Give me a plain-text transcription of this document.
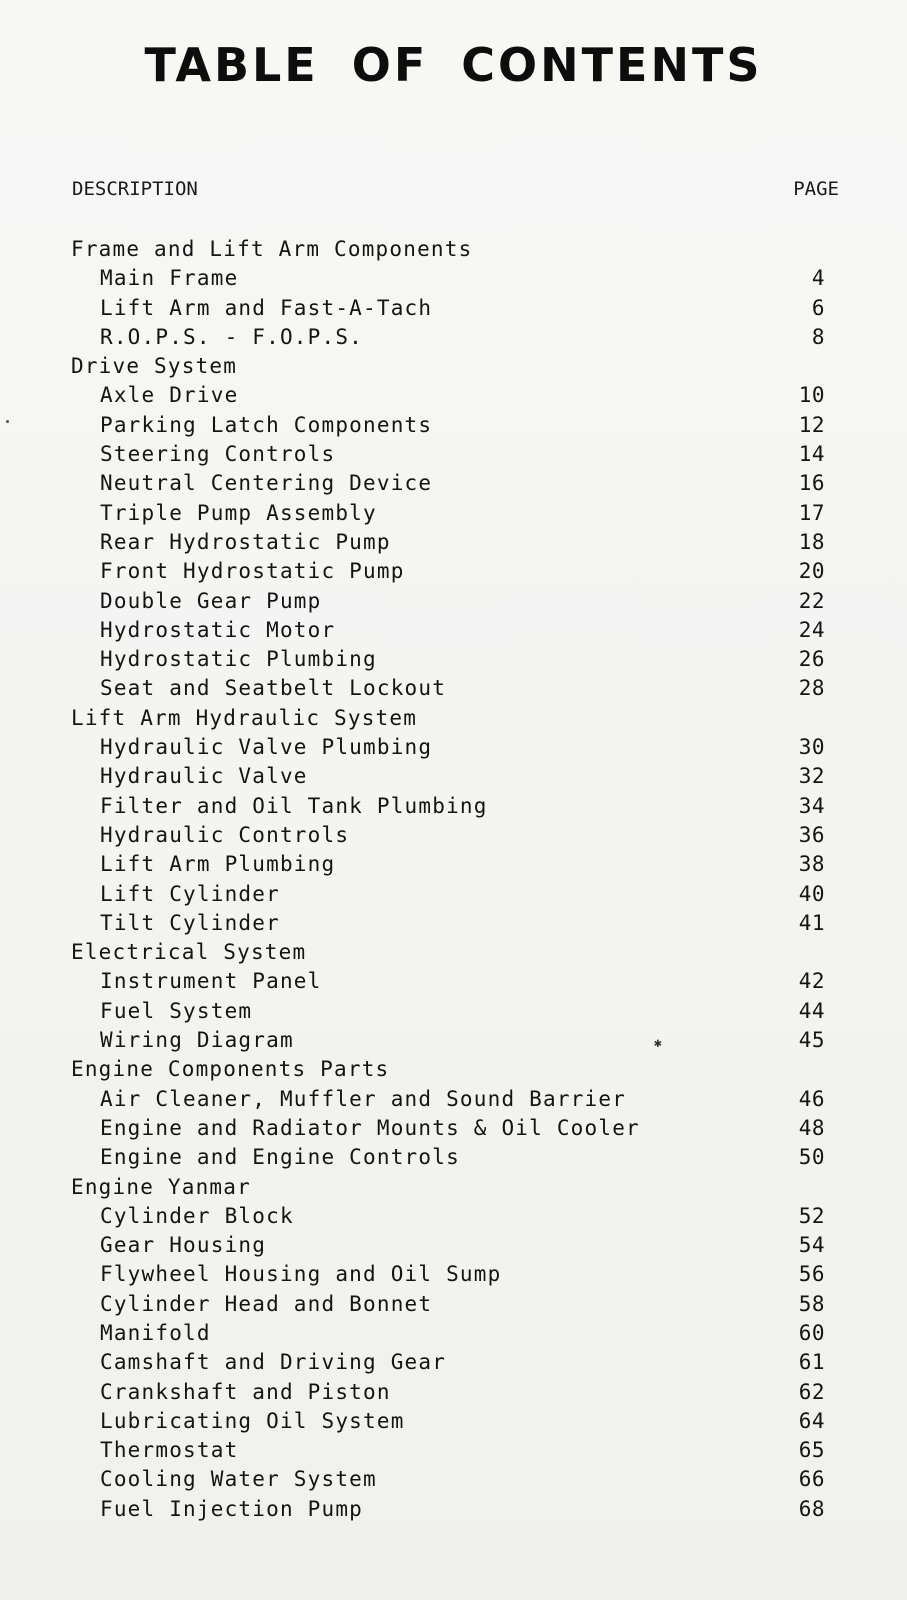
TABLE OF CONTENTS
DESCRIPTION	PAGE
Frame and Lift Arm Components
Main Frame	4
Lift Arm and Fast-A-Tach	6
R.O.P.S. - F.O.P.S.	8
Drive System
Axle Drive	10
Parking Latch Components	12
Steering Controls	14
Neutral Centering Device	16
Triple Pump Assembly	17
Rear Hydrostatic Pump	18
Front Hydrostatic Pump	20
Double Gear Pump	22
Hydrostatic Motor	24
Hydrostatic Plumbing	26
Seat and Seatbelt Lockout	28
Lift Arm Hydraulic System
Hydraulic Valve Plumbing	30
Hydraulic Valve	32
Filter and Oil Tank Plumbing	34
Hydraulic Controls	36
Lift Arm Plumbing	38
Lift Cylinder	40
Tilt Cylinder	41
Electrical System
Instrument Panel	42
Fuel System	44
Wiring Diagram	45
Engine Components Parts
Air Cleaner, Muffler and Sound Barrier	46
Engine and Radiator Mounts & Oil Cooler	48
Engine and Engine Controls	50
Engine Yanmar
Cylinder Block	52
Gear Housing	54
Flywheel Housing and Oil Sump	56
Cylinder Head and Bonnet	58
Manifold	60
Camshaft and Driving Gear	61
Crankshaft and Piston	62
Lubricating Oil System	64
Thermostat	65
Cooling Water System	66
Fuel Injection Pump	68
✱
